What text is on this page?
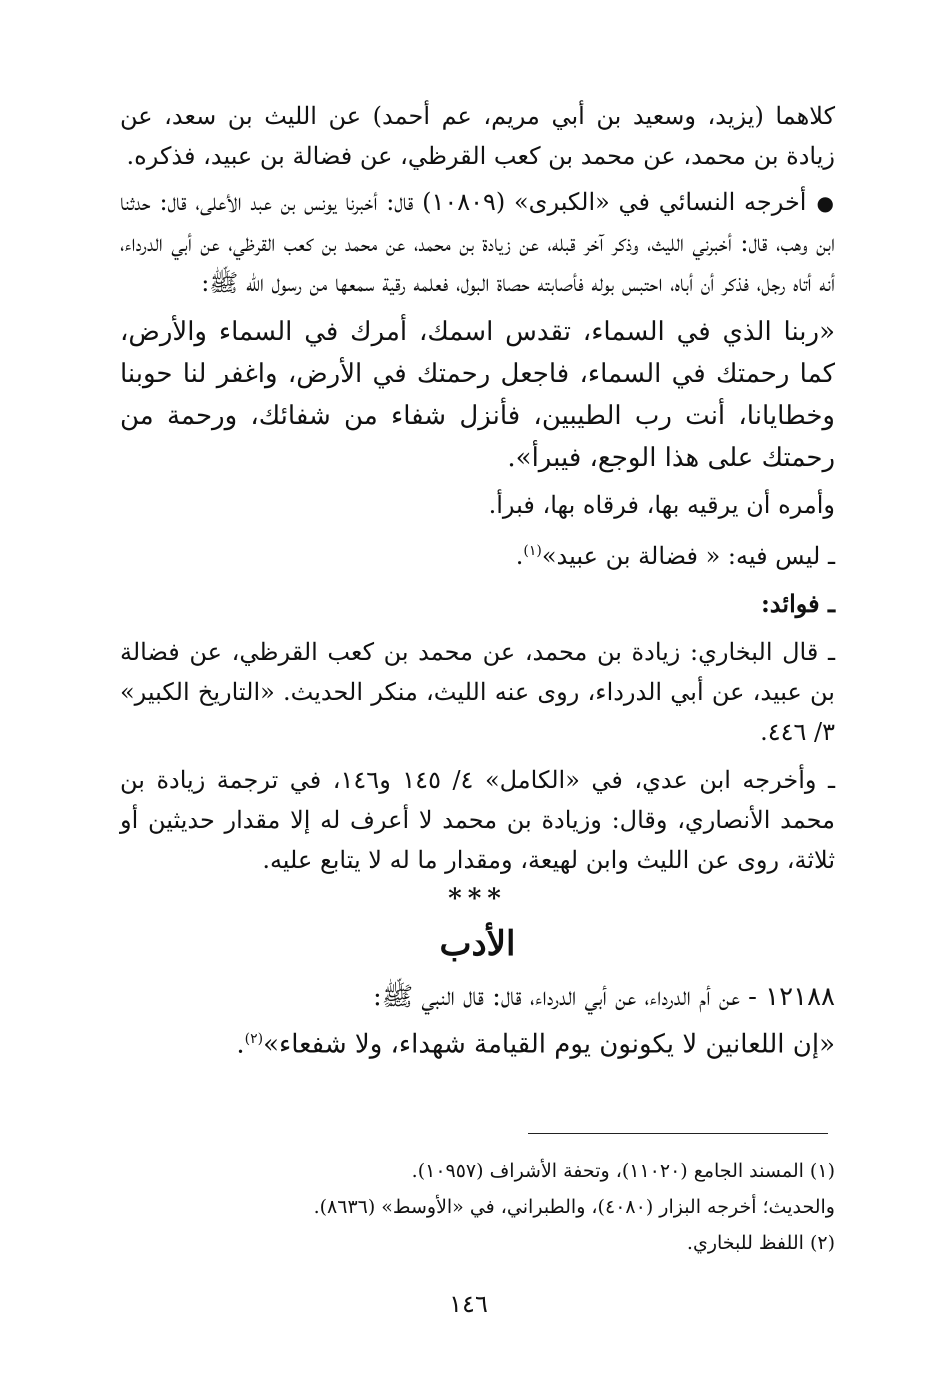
كلاهما (يزيد، وسعيد بن أبي مريم، عم أحمد) عن الليث بن سعد، عن زيادة بن محمد، عن محمد بن كعب القرظي، عن فضالة بن عبيد، فذكره.

●أخرجه النسائي في «الكبرى» (١٠٨٠٩) قال: أخبرنا يونس بن عبد الأعلى، قال: حدثنا ابن وهب، قال: أخبرني الليث، وذكر آخر قبله، عن زيادة بن محمد، عن محمد بن كعب القرظي، عن أبي الدرداء، أنه أتاه رجل، فذكر أن أباه، احتبس بوله فأصابته حصاة البول، فعلمه رقية سمعها من رسول الله ﷺ:

«ربنا الذي في السماء، تقدس اسمك، أمرك في السماء والأرض، كما رحمتك في السماء، فاجعل رحمتك في الأرض، واغفر لنا حوبنا وخطايانا، أنت رب الطيبين، فأنزل شفاء من شفائك، ورحمة من رحمتك على هذا الوجع، فيبرأ».

وأمره أن يرقيه بها، فرقاه بها، فبرأ.

ـ ليس فيه: « فضالة بن عبيد»$^{(١)}$.

ـ فوائد:

ـ قال البخاري: زيادة بن محمد، عن محمد بن كعب القرظي، عن فضالة بن عبيد، عن أبي الدرداء، روى عنه الليث، منكر الحديث. «التاريخ الكبير» ٣/ ٤٤٦.

ـ وأخرجه ابن عدي، في «الكامل» ٤/ ١٤٥ و١٤٦، في ترجمة زيادة بن محمد الأنصاري، وقال: وزيادة بن محمد لا أعرف له إلا مقدار حديثين أو ثلاثة، روى عن الليث وابن لهيعة، ومقدار ما له لا يتابع عليه.

***
الأدب

١٢١٨٨ -عن أم الدرداء، عن أبي الدرداء، قال: قال النبي ﷺ:

«إن اللعانين لا يكونون يوم القيامة شهداء، ولا شفعاء»$^{(٢)}$.

(١) المسند الجامع (١١٠٢٠)، وتحفة الأشراف (١٠٩٥٧).

والحديث؛ أخرجه البزار (٤٠٨٠)، والطبراني، في «الأوسط» (٨٦٣٦).

(٢) اللفظ للبخاري.

١٤٦
